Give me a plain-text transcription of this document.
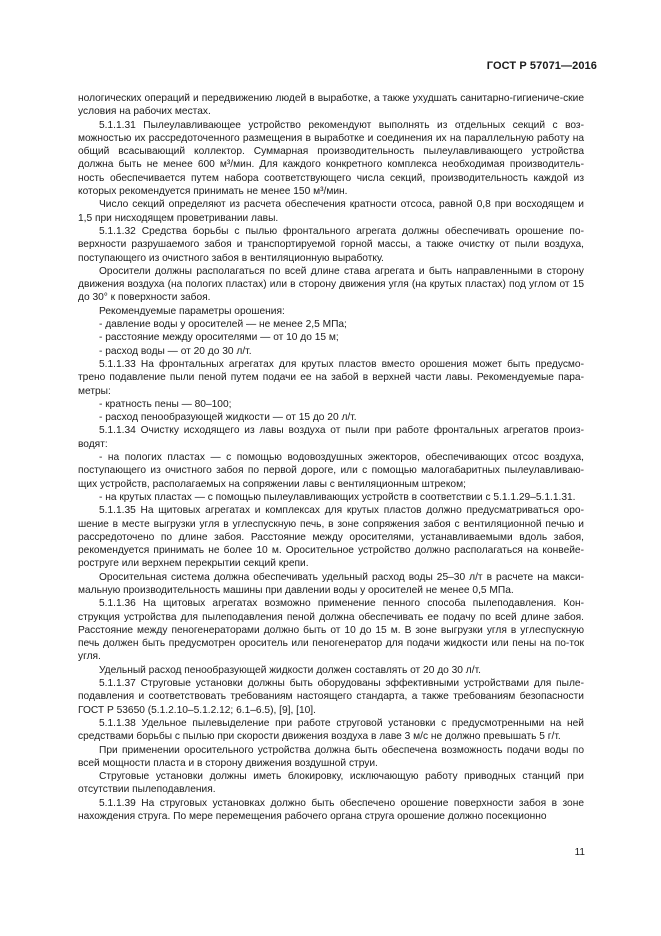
ГОСТ Р 57071—2016

нологических операций и передвижению людей в выработке, а также ухудшать санитарно-гигиениче-ские условия на рабочих местах.

5.1.1.31 Пылеулавливающее устройство рекомендуют выполнять из отдельных секций с воз-можностью их рассредоточенного размещения в выработке и соединения их на параллельную работу на общий всасывающий коллектор. Суммарная производительность пылеулавливающего устройства должна быть не менее 600 м³/мин. Для каждого конкретного комплекса необходимая производитель-ность обеспечивается путем набора соответствующего числа секций, производительность каждой из которых рекомендуется принимать не менее 150 м³/мин.

Число секций определяют из расчета обеспечения кратности отсоса, равной 0,8 при восходящем и 1,5 при нисходящем проветривании лавы.

5.1.1.32 Средства борьбы с пылью фронтального агрегата должны обеспечивать орошение по-верхности разрушаемого забоя и транспортируемой горной массы, а также очистку от пыли воздуха, поступающего из очистного забоя в вентиляционную выработку.

Оросители должны располагаться по всей длине става агрегата и быть направленными в сторону движения воздуха (на пологих пластах) или в сторону движения угля (на крутых пластах) под углом от 15 до 30° к поверхности забоя.

Рекомендуемые параметры орошения:

- давление воды у оросителей — не менее 2,5 МПа;

- расстояние между оросителями — от 10 до 15 м;

- расход воды — от 20 до 30 л/т.

5.1.1.33 На фронтальных агрегатах для крутых пластов вместо орошения может быть предусмо-трено подавление пыли пеной путем подачи ее на забой в верхней части лавы. Рекомендуемые пара-метры:

- кратность пены — 80–100;

- расход пенообразующей жидкости — от 15 до 20 л/т.

5.1.1.34 Очистку исходящего из лавы воздуха от пыли при работе фронтальных агрегатов произ-водят:

- на пологих пластах — с помощью водовоздушных эжекторов, обеспечивающих отсос воздуха, поступающего из очистного забоя по первой дороге, или с помощью малогабаритных пылеулавливаю-щих устройств, располагаемых на сопряжении лавы с вентиляционным штреком;

- на крутых пластах — с помощью пылеулавливающих устройств в соответствии с 5.1.1.29–5.1.1.31.

5.1.1.35 На щитовых агрегатах и комплексах для крутых пластов должно предусматриваться оро-шение в месте выгрузки угля в углеспускную печь, в зоне сопряжения забоя с вентиляционной печью и рассредоточено по длине забоя. Расстояние между оросителями, устанавливаемыми вдоль забоя, рекомендуется принимать не более 10 м. Оросительное устройство должно располагаться на конвейе-роструге или верхнем перекрытии секций крепи.

Оросительная система должна обеспечивать удельный расход воды 25–30 л/т в расчете на макси-мальную производительность машины при давлении воды у оросителей не менее 0,5 МПа.

5.1.1.36 На щитовых агрегатах возможно применение пенного способа пылеподавления. Кон-струкция устройства для пылеподавления пеной должна обеспечивать ее подачу по всей длине забоя. Расстояние между пеногенераторами должно быть от 10 до 15 м. В зоне выгрузки угля в углеспускную печь должен быть предусмотрен ороситель или пеногенератор для подачи жидкости или пены на по-ток угля.

Удельный расход пенообразующей жидкости должен составлять от 20 до 30 л/т.

5.1.1.37 Струговые установки должны быть оборудованы эффективными устройствами для пыле-подавления и соответствовать требованиям настоящего стандарта, а также требованиям безопасности ГОСТ Р 53650 (5.1.2.10–5.1.2.12; 6.1–6.5), [9], [10].

5.1.1.38 Удельное пылевыделение при работе струговой установки с предусмотренными на ней средствами борьбы с пылью при скорости движения воздуха в лаве 3 м/с не должно превышать 5 г/т.

При применении оросительного устройства должна быть обеспечена возможность подачи воды по всей мощности пласта и в сторону движения воздушной струи.

Струговые установки должны иметь блокировку, исключающую работу приводных станций при отсутствии пылеподавления.

5.1.1.39 На струговых установках должно быть обеспечено орошение поверхности забоя в зоне нахождения струга. По мере перемещения рабочего органа струга орошение должно посекционно

11
